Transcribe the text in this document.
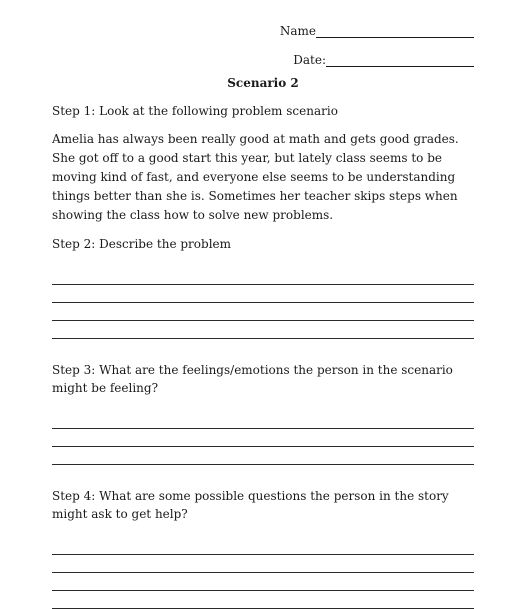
Name
Date:
Scenario 2

Step 1: Look at the following problem scenario

Amelia has always been really good at math and gets good grades. She got off to a good start this year, but lately class seems to be moving kind of fast, and everyone else seems to be understanding things better than she is. Sometimes her teacher skips steps when showing the class how to solve new problems.

Step 2: Describe the problem

Step 3: What are the feelings/emotions the person in the scenario might be feeling?

Step 4: What are some possible questions the person in the story might ask to get help?
